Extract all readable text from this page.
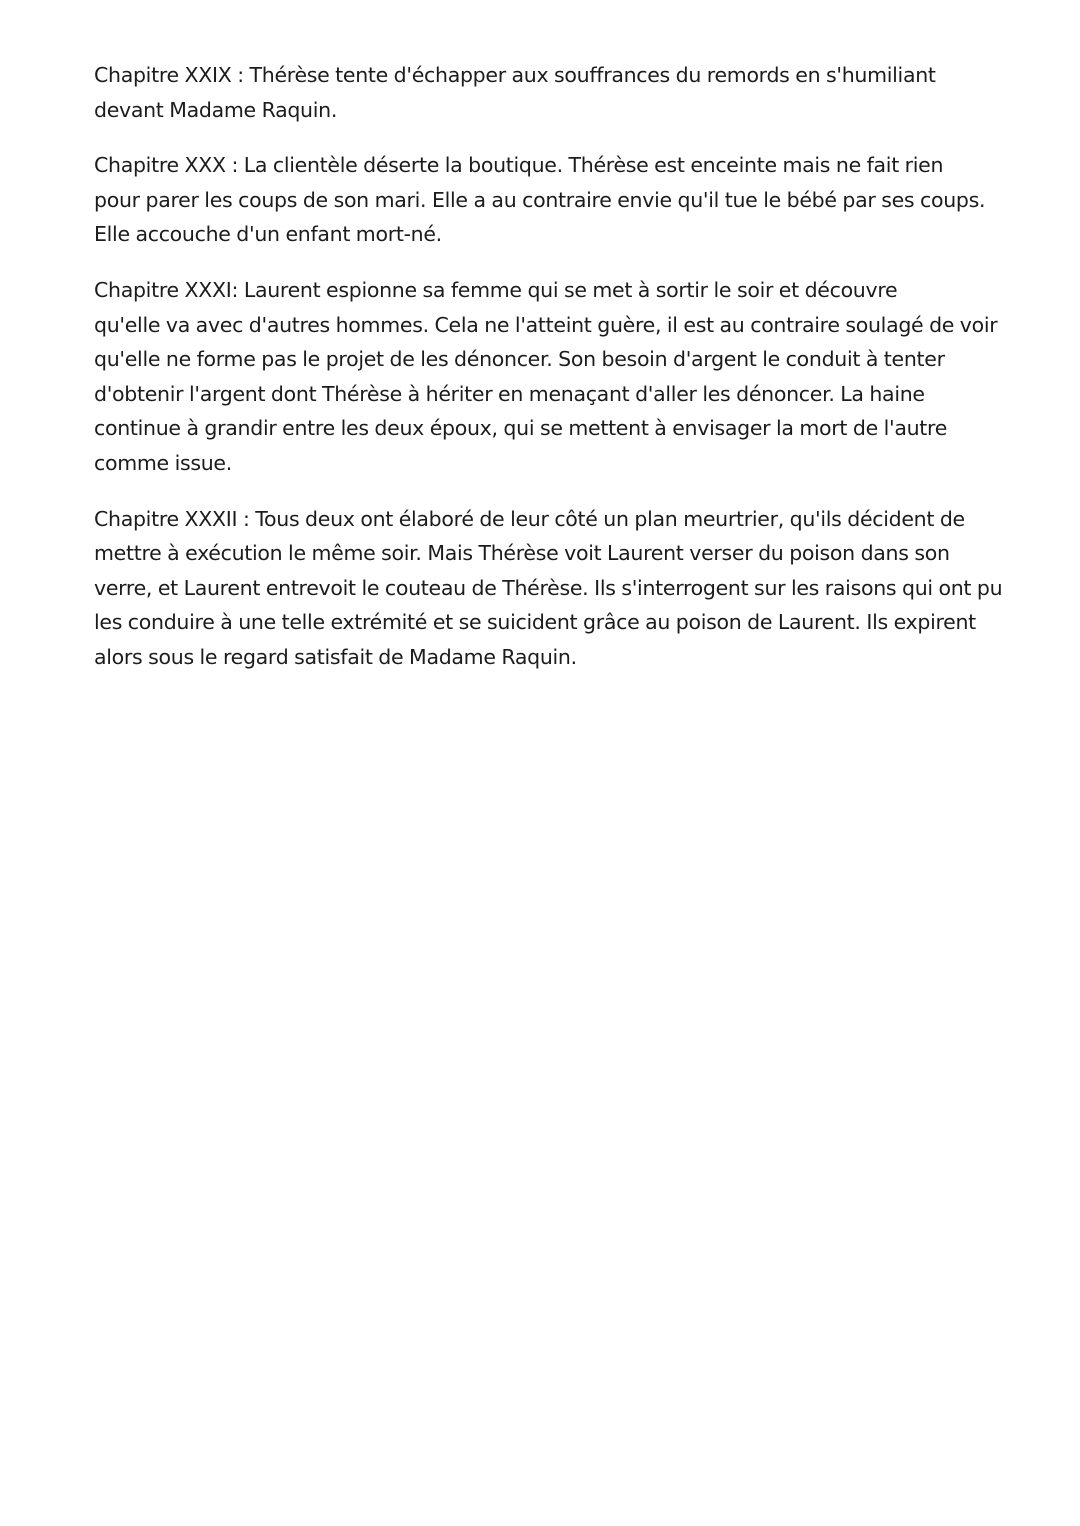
Chapitre XXIX : Thérèse tente d'échapper aux souffrances du remords en s'humiliant
devant Madame Raquin.

Chapitre XXX : La clientèle déserte la boutique. Thérèse est enceinte mais ne fait rien
pour parer les coups de son mari. Elle a au contraire envie qu'il tue le bébé par ses coups.
Elle accouche d'un enfant mort-né.

Chapitre XXXI: Laurent espionne sa femme qui se met à sortir le soir et découvre
qu'elle va avec d'autres hommes. Cela ne l'atteint guère, il est au contraire soulagé de voir
qu'elle ne forme pas le projet de les dénoncer. Son besoin d'argent le conduit à tenter
d'obtenir l'argent dont Thérèse à hériter en menaçant d'aller les dénoncer. La haine
continue à grandir entre les deux époux, qui se mettent à envisager la mort de l'autre
comme issue.

Chapitre XXXII : Tous deux ont élaboré de leur côté un plan meurtrier, qu'ils décident de
mettre à exécution le même soir. Mais Thérèse voit Laurent verser du poison dans son
verre, et Laurent entrevoit le couteau de Thérèse. Ils s'interrogent sur les raisons qui ont pu
les conduire à une telle extrémité et se suicident grâce au poison de Laurent. Ils expirent
alors sous le regard satisfait de Madame Raquin.
